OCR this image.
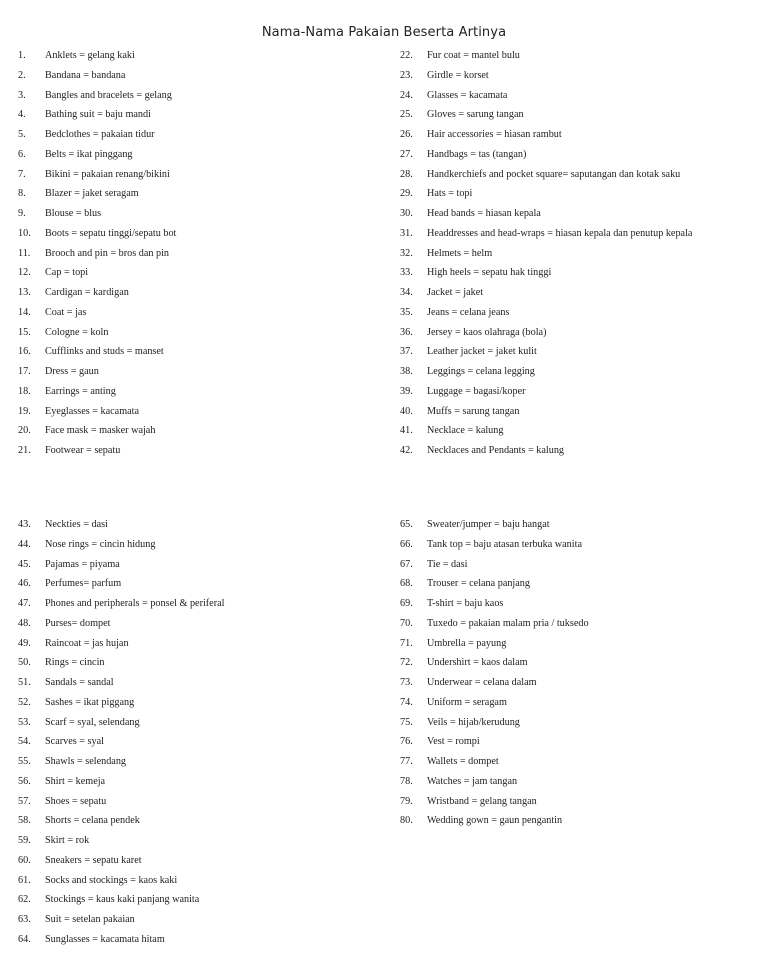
Nama-Nama Pakaian Beserta Artinya
1. Anklets = gelang kaki
2. Bandana = bandana
3. Bangles and bracelets = gelang
4. Bathing suit = baju mandi
5. Bedclothes = pakaian tidur
6. Belts = ikat pinggang
7. Bikini = pakaian renang/bikini
8. Blazer = jaket seragam
9. Blouse = blus
10. Boots = sepatu tinggi/sepatu bot
11. Brooch and pin = bros dan pin
12. Cap = topi
13. Cardigan = kardigan
14. Coat = jas
15. Cologne = koln
16. Cufflinks and studs = manset
17. Dress = gaun
18. Earrings = anting
19. Eyeglasses = kacamata
20. Face mask = masker wajah
21. Footwear = sepatu
22. Fur coat = mantel bulu
23. Girdle = korset
24. Glasses = kacamata
25. Gloves = sarung tangan
26. Hair accessories = hiasan rambut
27. Handbags = tas (tangan)
28. Handkerchiefs and pocket square= saputangan dan kotak saku
29. Hats = topi
30. Head bands = hiasan kepala
31. Headdresses and head-wraps = hiasan kepala dan penutup kepala
32. Helmets = helm
33. High heels = sepatu hak tinggi
34. Jacket = jaket
35. Jeans = celana jeans
36. Jersey = kaos olahraga (bola)
37. Leather jacket = jaket kulit
38. Leggings = celana legging
39. Luggage = bagasi/koper
40. Muffs = sarung tangan
41. Necklace = kalung
42. Necklaces and Pendants = kalung
43. Neckties = dasi
44. Nose rings = cincin hidung
45. Pajamas = piyama
46. Perfumes= parfum
47. Phones and peripherals = ponsel & periferal
48. Purses= dompet
49. Raincoat = jas hujan
50. Rings = cincin
51. Sandals = sandal
52. Sashes = ikat piggang
53. Scarf = syal, selendang
54. Scarves = syal
55. Shawls = selendang
56. Shirt = kemeja
57. Shoes = sepatu
58. Shorts = celana pendek
59. Skirt = rok
60. Sneakers = sepatu karet
61. Socks and stockings = kaos kaki
62. Stockings = kaus kaki panjang wanita
63. Suit = setelan pakaian
64. Sunglasses = kacamata hitam
65. Sweater/jumper = baju hangat
66. Tank top = baju atasan terbuka wanita
67. Tie = dasi
68. Trouser = celana panjang
69. T-shirt = baju kaos
70. Tuxedo = pakaian malam pria / tuksedo
71. Umbrella = payung
72. Undershirt = kaos dalam
73. Underwear = celana dalam
74. Uniform = seragam
75. Veils = hijab/kerudung
76. Vest = rompi
77. Wallets = dompet
78. Watches = jam tangan
79. Wristband = gelang tangan
80. Wedding gown = gaun pengantin
